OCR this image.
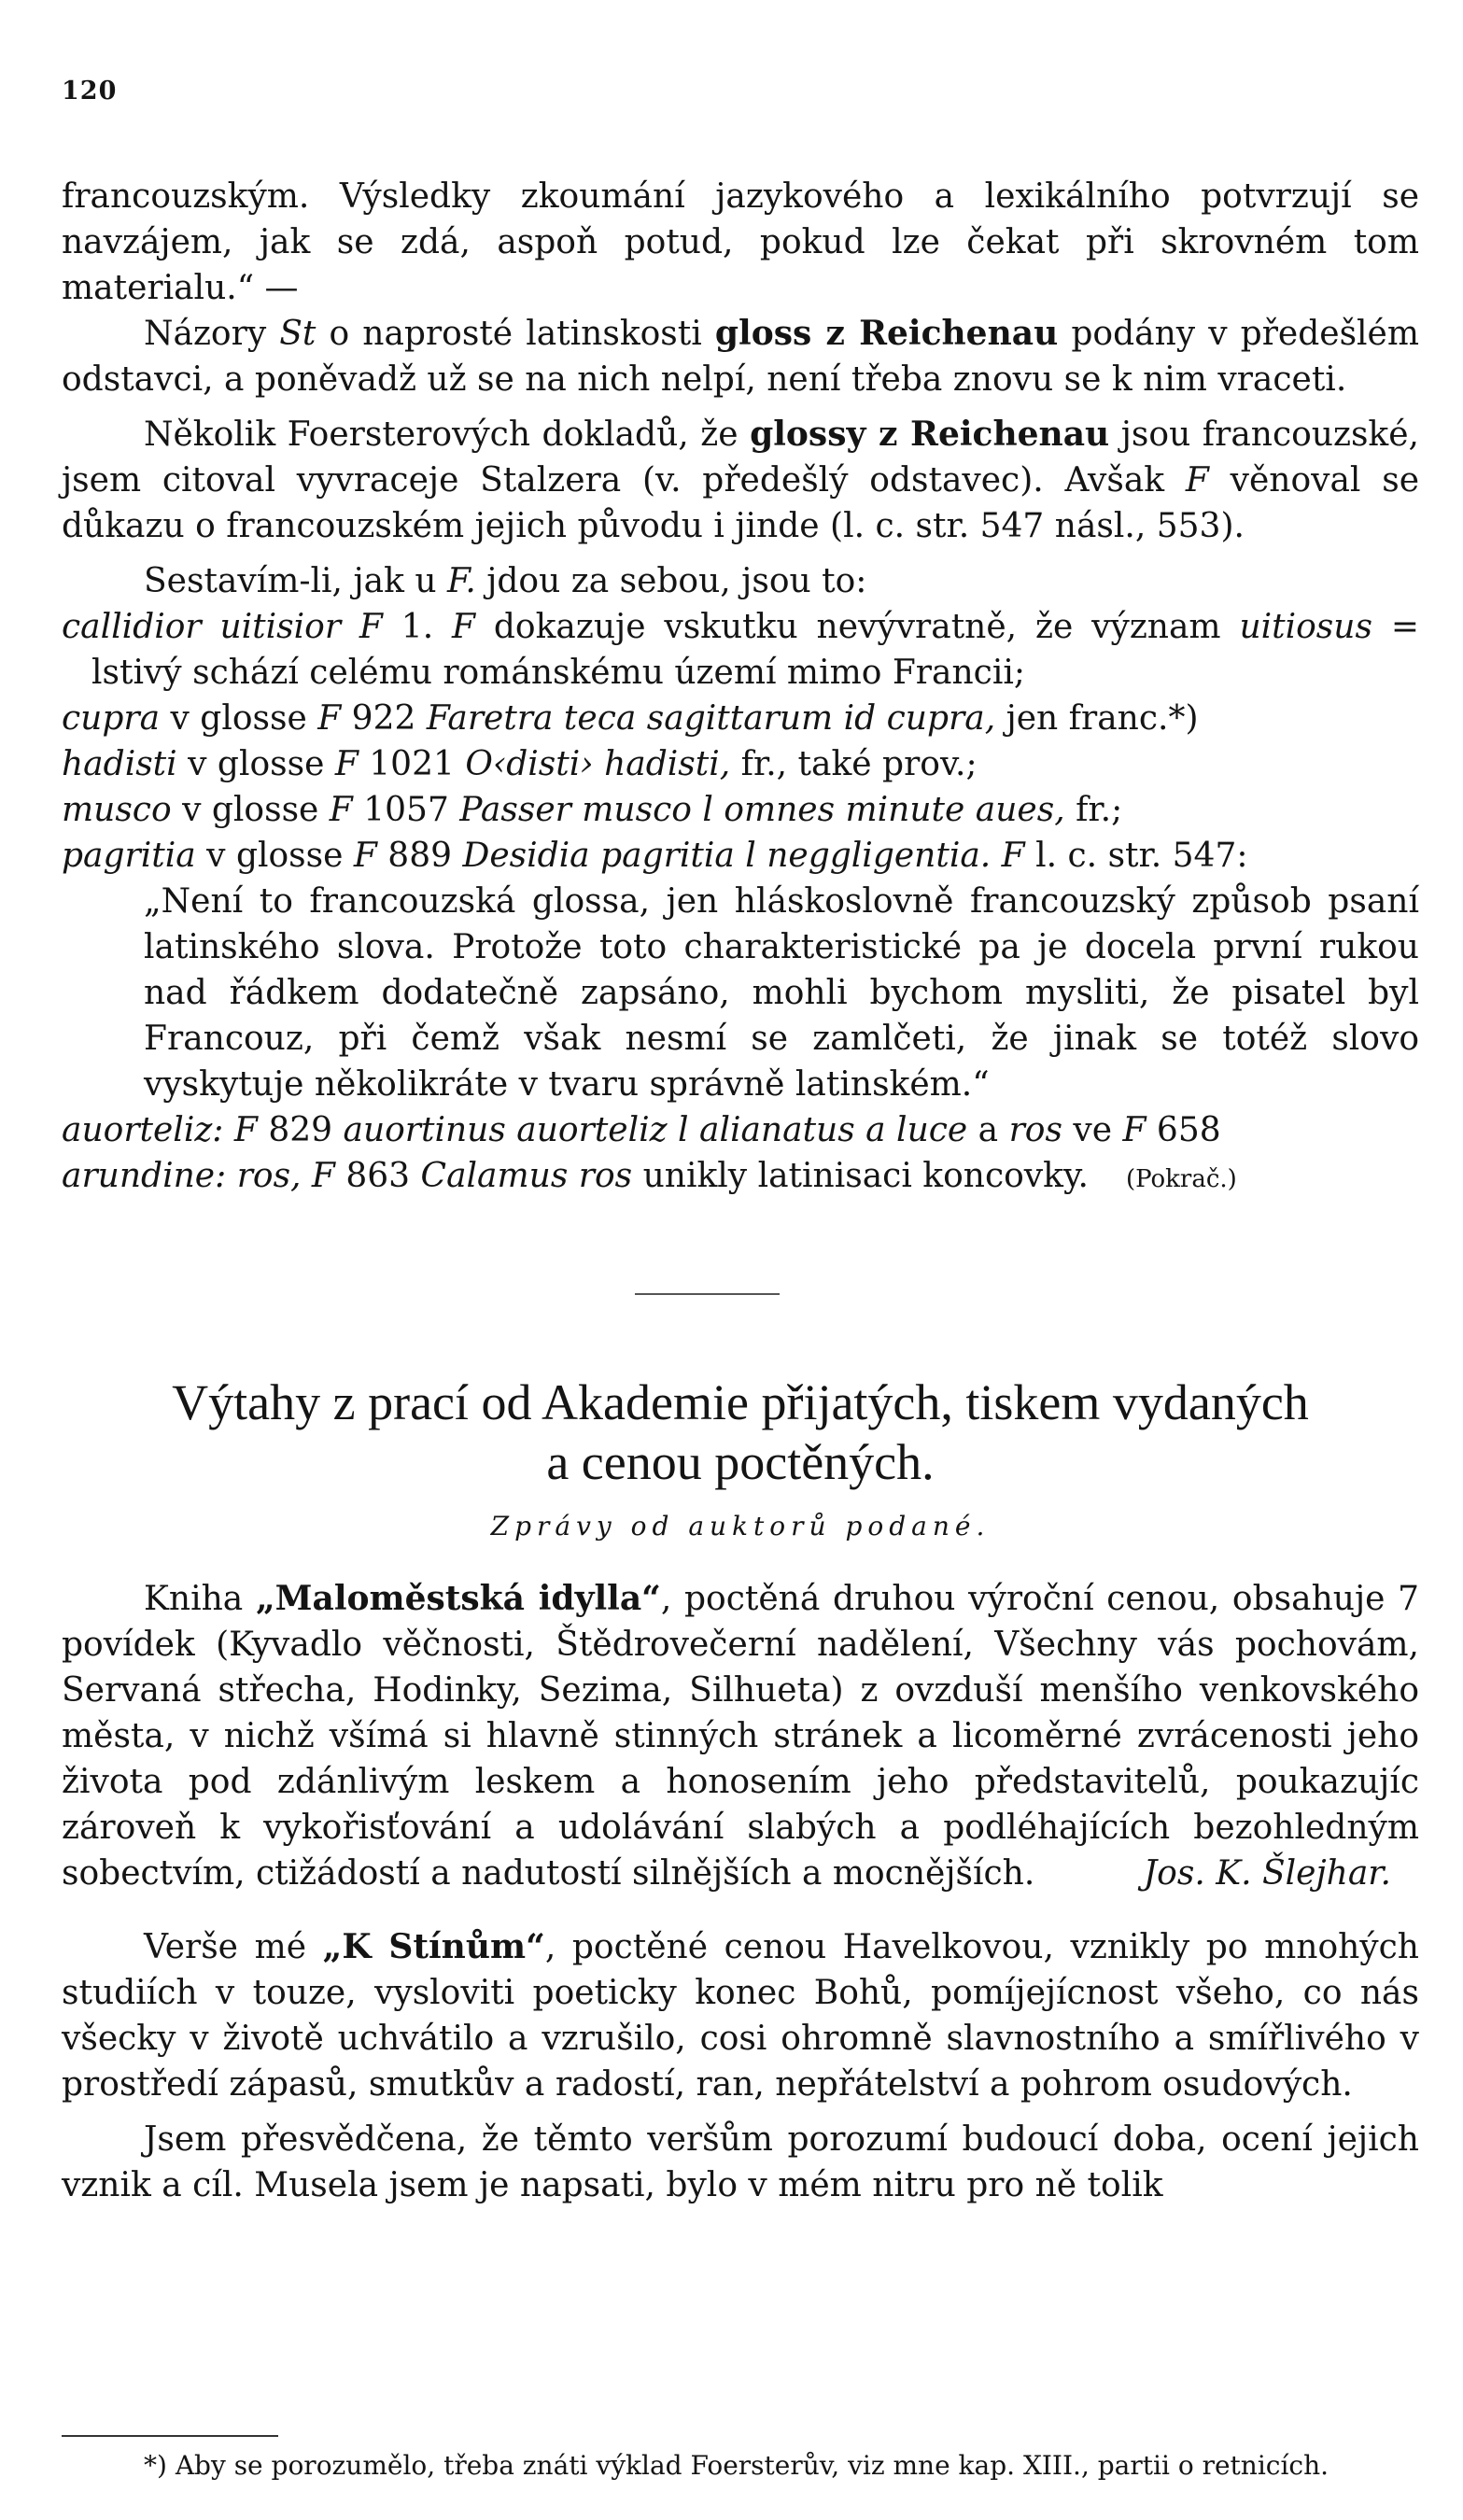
120

francouzským. Výsledky zkoumání jazykového a lexikálního potvrzují se navzájem, jak se zdá, aspoň potud, pokud lze čekat při skrovném tom materialu.“ —

Názory St o naprosté latinskosti gloss z Reichenau podány v předešlém odstavci, a poněvadž už se na nich nelpí, není třeba znovu se k nim vraceti.

Několik Foersterových dokladů, že glossy z Reichenau jsou francouzské, jsem citoval vyvraceje Stalzera (v. předešlý odstavec). Avšak F věnoval se důkazu o francouzském jejich původu i jinde (l. c. str. 547 násl., 553).

Sestavím-li, jak u F. jdou za sebou, jsou to:

callidior uitisior F 1. F dokazuje vskutku nevývratně, že význam uitiosus = lstivý schází celému románskému území mimo Francii;

cupra v glosse F 922 Faretra teca sagittarum id cupra, jen franc.*)

hadisti v glosse F 1021 O‹disti› hadisti, fr., také prov.;

musco v glosse F 1057 Passer musco l omnes minute aues, fr.;

pagritia v glosse F 889 Desidia pagritia l neggligentia. F l. c. str. 547:

„Není to francouzská glossa, jen hláskoslovně francouzský způsob psaní latinského slova. Protože toto charakteristické pa je docela první rukou nad řádkem dodatečně zapsáno, mohli bychom mysliti, že pisatel byl Francouz, při čemž však nesmí se zamlčeti, že jinak se totéž slovo vyskytuje několikráte v tvaru správně latinském.“

auorteliz: F 829 auortinus auorteliz l alianatus a luce a ros ve F 658

arundine: ros, F 863 Calamus ros unikly latinisaci koncovky. (Pokrač.)

Výtahy z prací od Akademie přijatých, tiskem vydaných
a cenou poctěných.

Zprávy od auktorů podané.

Kniha „Maloměstská idylla“, poctěná druhou výroční cenou, obsahuje 7 povídek (Kyvadlo věčnosti, Štědrovečerní nadělení, Všechny vás pochovám, Servaná střecha, Hodinky, Sezima, Silhueta) z ovzduší menšího venkovského města, v nichž všímá si hlavně stinných stránek a licoměrné zvrácenosti jeho života pod zdánlivým leskem a honosením jeho představitelů, poukazujíc zároveň k vykořisťování a udolávání slabých a podléhajících bezohledným sobectvím, ctižádostí a nadutostí silnějších a mocnějších.	Jos. K. Šlejhar.

Verše mé „K Stínům“, poctěné cenou Havelkovou, vznikly po mnohých studiích v touze, vysloviti poeticky konec Bohů, pomíjejícnost všeho, co nás všecky v životě uchvátilo a vzrušilo, cosi ohromně slavnostního a smířlivého v prostředí zápasů, smutkův a radostí, ran, nepřátelství a pohrom osudových.

Jsem přesvědčena, že těmto veršům porozumí budoucí doba, ocení jejich vznik a cíl. Musela jsem je napsati, bylo v mém nitru pro ně tolik

*) Aby se porozumělo, třeba znáti výklad Foersterův, viz mne kap. XIII., partii o retnicích.
